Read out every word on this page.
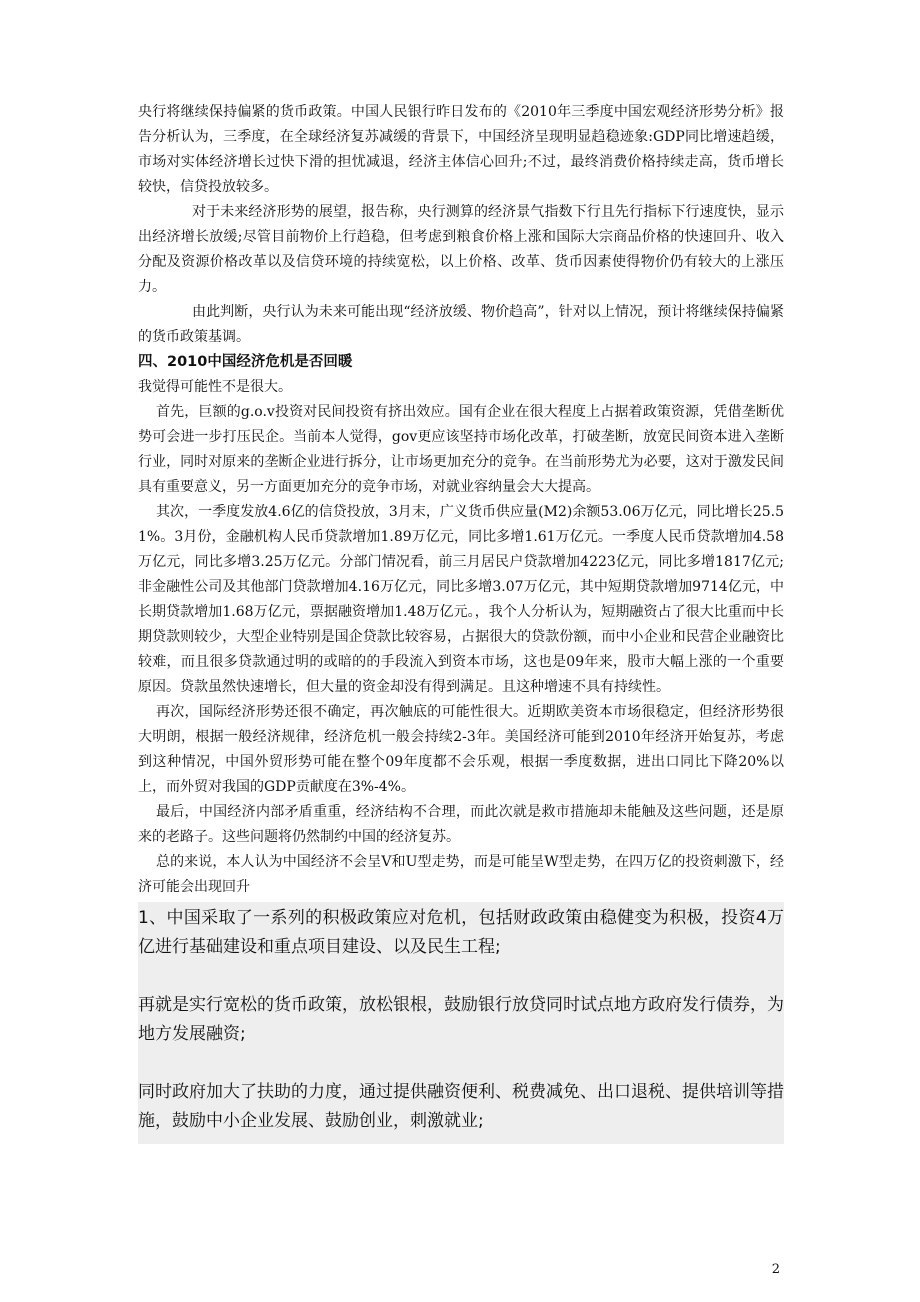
央行将继续保持偏紧的货币政策。中国人民银行昨日发布的《2010年三季度中国宏观经济形势分析》报告分析认为，三季度，在全球经济复苏减缓的背景下，中国经济呈现明显趋稳迹象:GDP同比增速趋缓，市场对实体经济增长过快下滑的担忧减退，经济主体信心回升;不过，最终消费价格持续走高，货币增长较快，信贷投放较多。

对于未来经济形势的展望，报告称，央行测算的经济景气指数下行且先行指标下行速度快，显示出经济增长放缓;尽管目前物价上行趋稳，但考虑到粮食价格上涨和国际大宗商品价格的快速回升、收入分配及资源价格改革以及信贷环境的持续宽松，以上价格、改革、货币因素使得物价仍有较大的上涨压力。

由此判断，央行认为未来可能出现“经济放缓、物价趋高”，针对以上情况，预计将继续保持偏紧的货币政策基调。

四、2010中国经济危机是否回暖

我觉得可能性不是很大。

首先，巨额的g.o.v投资对民间投资有挤出效应。国有企业在很大程度上占据着政策资源，凭借垄断优势可会进一步打压民企。当前本人觉得，gov更应该坚持市场化改革，打破垄断，放宽民间资本进入垄断行业，同时对原来的垄断企业进行拆分，让市场更加充分的竞争。在当前形势尤为必要，这对于激发民间具有重要意义，另一方面更加充分的竞争市场，对就业容纳量会大大提高。

其次，一季度发放4.6亿的信贷投放，3月末，广义货币供应量(M2)余额53.06万亿元，同比增长25.51%。3月份，金融机构人民币贷款增加1.89万亿元，同比多增1.61万亿元。一季度人民币贷款增加4.58万亿元，同比多增3.25万亿元。分部门情况看，前三月居民户贷款增加4223亿元，同比多增1817亿元;非金融性公司及其他部门贷款增加4.16万亿元，同比多增3.07万亿元，其中短期贷款增加9714亿元，中长期贷款增加1.68万亿元，票据融资增加1.48万亿元。，我个人分析认为，短期融资占了很大比重而中长期贷款则较少，大型企业特别是国企贷款比较容易，占据很大的贷款份额，而中小企业和民营企业融资比较难，而且很多贷款通过明的或暗的的手段流入到资本市场，这也是09年来，股市大幅上涨的一个重要原因。贷款虽然快速增长，但大量的资金却没有得到满足。且这种增速不具有持续性。

再次，国际经济形势还很不确定，再次触底的可能性很大。近期欧美资本市场很稳定，但经济形势很大明朗，根据一般经济规律，经济危机一般会持续2-3年。美国经济可能到2010年经济开始复苏，考虑到这种情况，中国外贸形势可能在整个09年度都不会乐观，根据一季度数据，进出口同比下降20%以上，而外贸对我国的GDP贡献度在3%-4%。

最后，中国经济内部矛盾重重，经济结构不合理，而此次就是救市措施却未能触及这些问题，还是原来的老路子。这些问题将仍然制约中国的经济复苏。

总的来说，本人认为中国经济不会呈V和U型走势，而是可能呈W型走势，在四万亿的投资刺激下，经济可能会出现回升

1、中国采取了一系列的积极政策应对危机，包括财政政策由稳健变为积极，投资4万亿进行基础建设和重点项目建设、以及民生工程;

再就是实行宽松的货币政策，放松银根，鼓励银行放贷同时试点地方政府发行债券，为地方发展融资;

同时政府加大了扶助的力度，通过提供融资便利、税费减免、出口退税、提供培训等措施，鼓励中小企业发展、鼓励创业，刺激就业;

2
